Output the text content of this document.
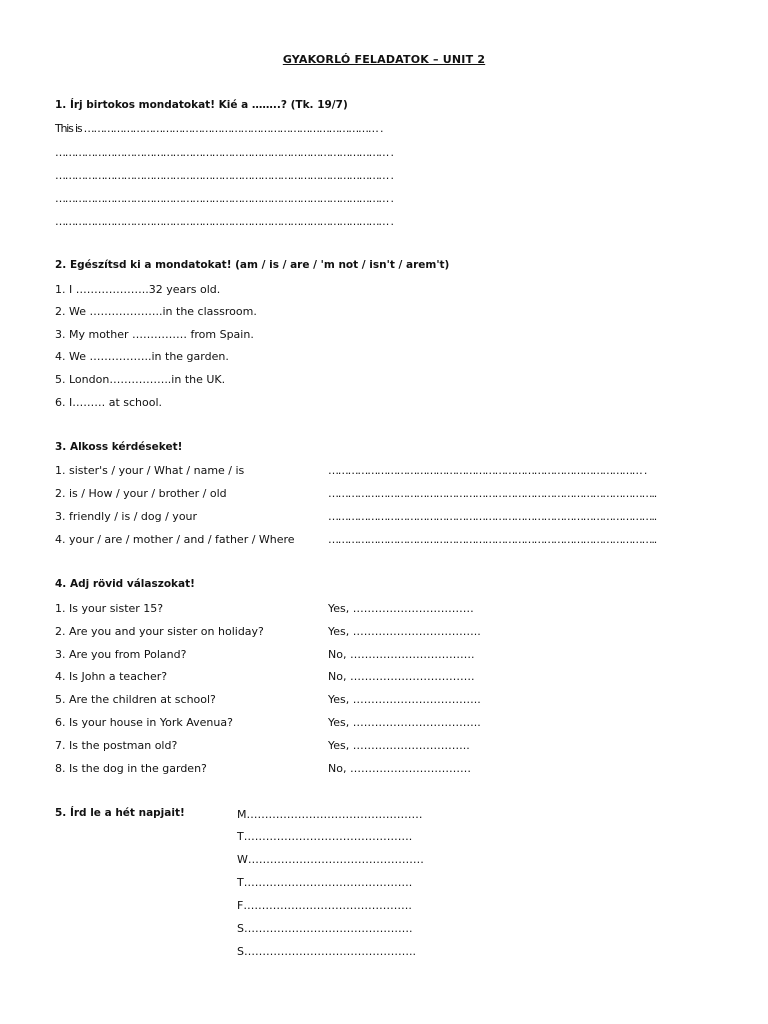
GYAKORLÓ FELADATOK – UNIT 2
1. Írj birtokos mondatokat! Kié a ……..? (Tk. 19/7)
This is ……………………………………………………………………………… .
………………………………………………………………………………………… .
………………………………………………………………………………………… .
………………………………………………………………………………………… .
………………………………………………………………………………………… .
2. Egészítsd ki a mondatokat! (am / is / are / 'm not / isn't / arem't)
1. I ………………..32 years old.
2. We ………………..in the classroom.
3. My mother …………… from Spain.
4. We ……………..in the garden.
5. London……………..in the UK.
6. I……… at school.
3. Alkoss kérdéseket!
1. sister's / your / What / name / is	…………………………………………………………………………………… .
2. is / How / your / brother / old	………………………………………………………………………………………..
3. friendly / is / dog / your	………………………………………………………………………………………..
4. your / are / mother / and / father / Where	………………………………………………………………………………………..
4. Adj rövid válaszokat!
1. Is your sister 15?	Yes, ……………………………
2. Are you and your sister on holiday?	Yes, ……………………………..
3. Are you from Poland?	No, …………………………….
4. Is John a teacher?	No, …………………………….
5. Are the children at school?	Yes, ……………………………..
6. Is your house in York Avenua?	Yes, ……………………………..
7. Is the postman old?	Yes, …………………………..
8. Is the dog in the garden?	No, ……………………………
5. Írd le a hét napjait!	M…………………………………………
T……………………………………….
W…………………………………………
T……………………………………….
F……………………………………….
S……………………………………….
S………………………………………..
